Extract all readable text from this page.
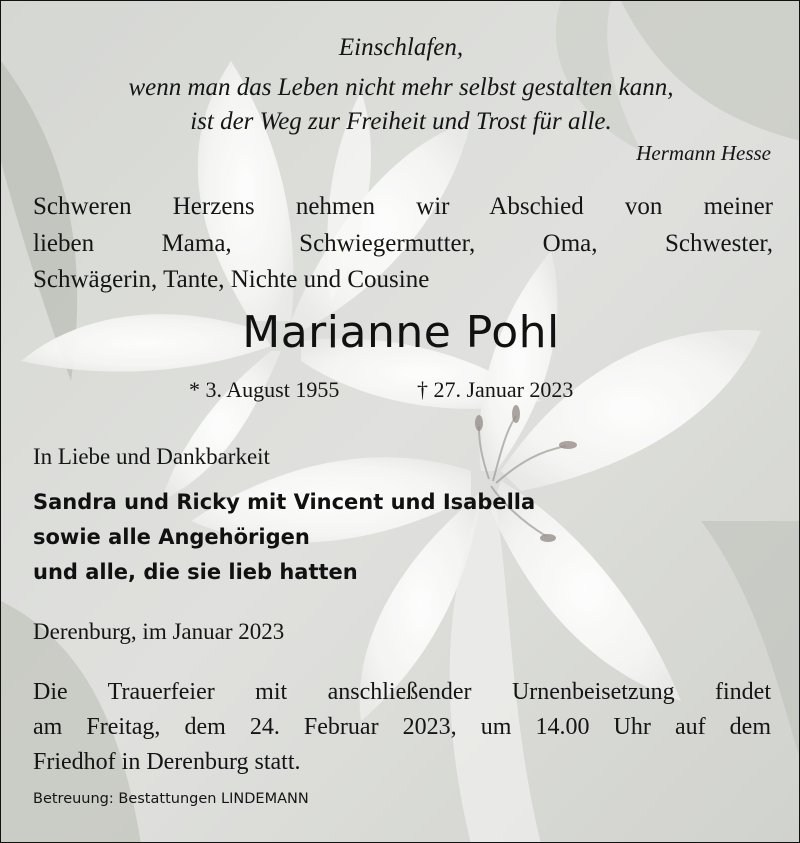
Einschlafen,
wenn man das Leben nicht mehr selbst gestalten kann,
ist der Weg zur Freiheit und Trost für alle.
Hermann Hesse
Schweren Herzens nehmen wir Abschied von meiner
lieben Mama, Schwiegermutter, Oma, Schwester,
Schwägerin, Tante, Nichte und Cousine
Marianne Pohl
* 3. August 1955	† 27. Januar 2023
In Liebe und Dankbarkeit
Sandra und Ricky mit Vincent und Isabella
sowie alle Angehörigen
und alle, die sie lieb hatten
Derenburg, im Januar 2023
Die Trauerfeier mit anschließender Urnenbeisetzung findet
am Freitag, dem 24. Februar 2023, um 14.00 Uhr auf dem
Friedhof in Derenburg statt.
Betreuung: Bestattungen LINDEMANN
